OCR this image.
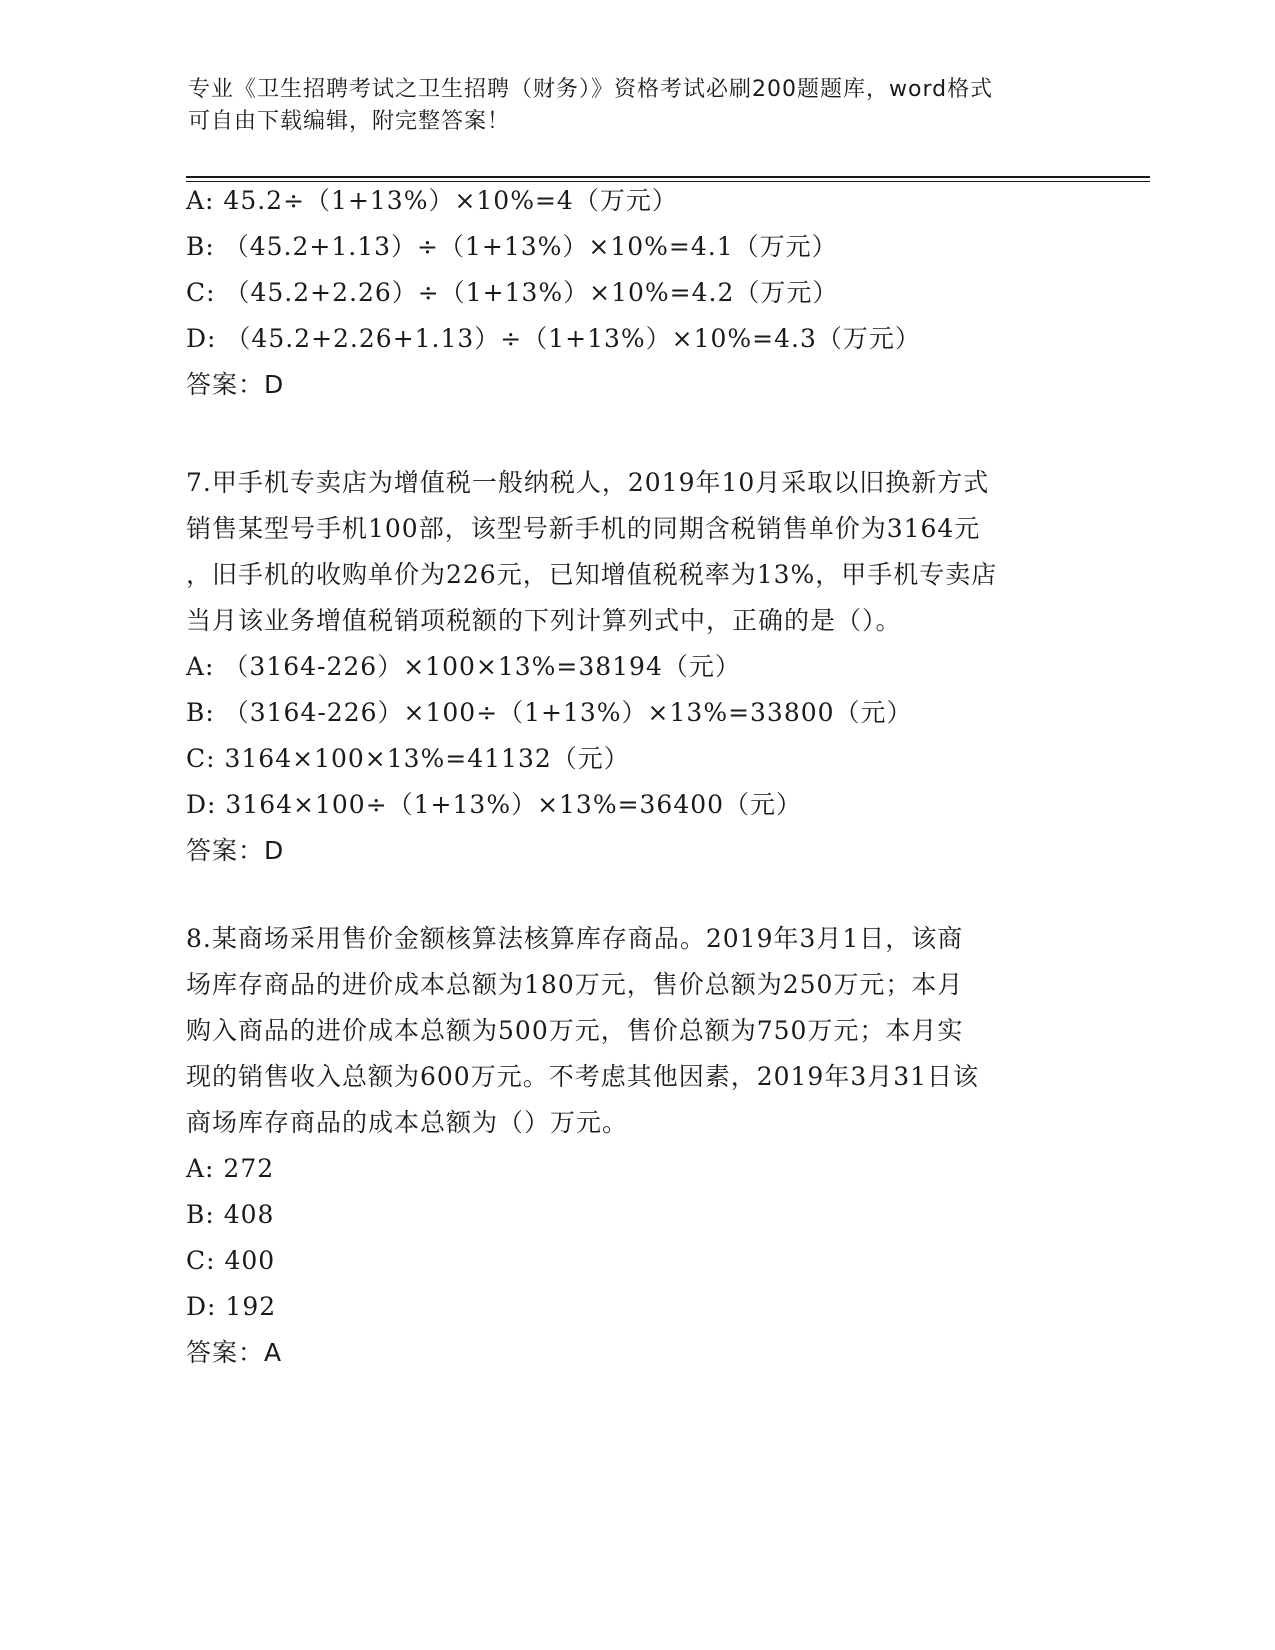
专业《卫生招聘考试之卫生招聘（财务）》资格考试必刷200题题库，word格式
可自由下载编辑，附完整答案！
A: 45.2÷（1+13%）×10%=4（万元）
B: （45.2+1.13）÷（1+13%）×10%=4.1（万元）
C: （45.2+2.26）÷（1+13%）×10%=4.2（万元）
D: （45.2+2.26+1.13）÷（1+13%）×10%=4.3（万元）
答案：D
7.甲手机专卖店为增值税一般纳税人，2019年10月采取以旧换新方式
销售某型号手机100部，该型号新手机的同期含税销售单价为3164元
，旧手机的收购单价为226元，已知增值税税率为13%，甲手机专卖店
当月该业务增值税销项税额的下列计算列式中，正确的是（）。
A: （3164-226）×100×13%=38194（元）
B: （3164-226）×100÷（1+13%）×13%=33800（元）
C: 3164×100×13%=41132（元）
D: 3164×100÷（1+13%）×13%=36400（元）
答案：D
8.某商场采用售价金额核算法核算库存商品。2019年3月1日，该商
场库存商品的进价成本总额为180万元，售价总额为250万元；本月
购入商品的进价成本总额为500万元，售价总额为750万元；本月实
现的销售收入总额为600万元。不考虑其他因素，2019年3月31日该
商场库存商品的成本总额为（）万元。
A: 272
B: 408
C: 400
D: 192
答案：A
